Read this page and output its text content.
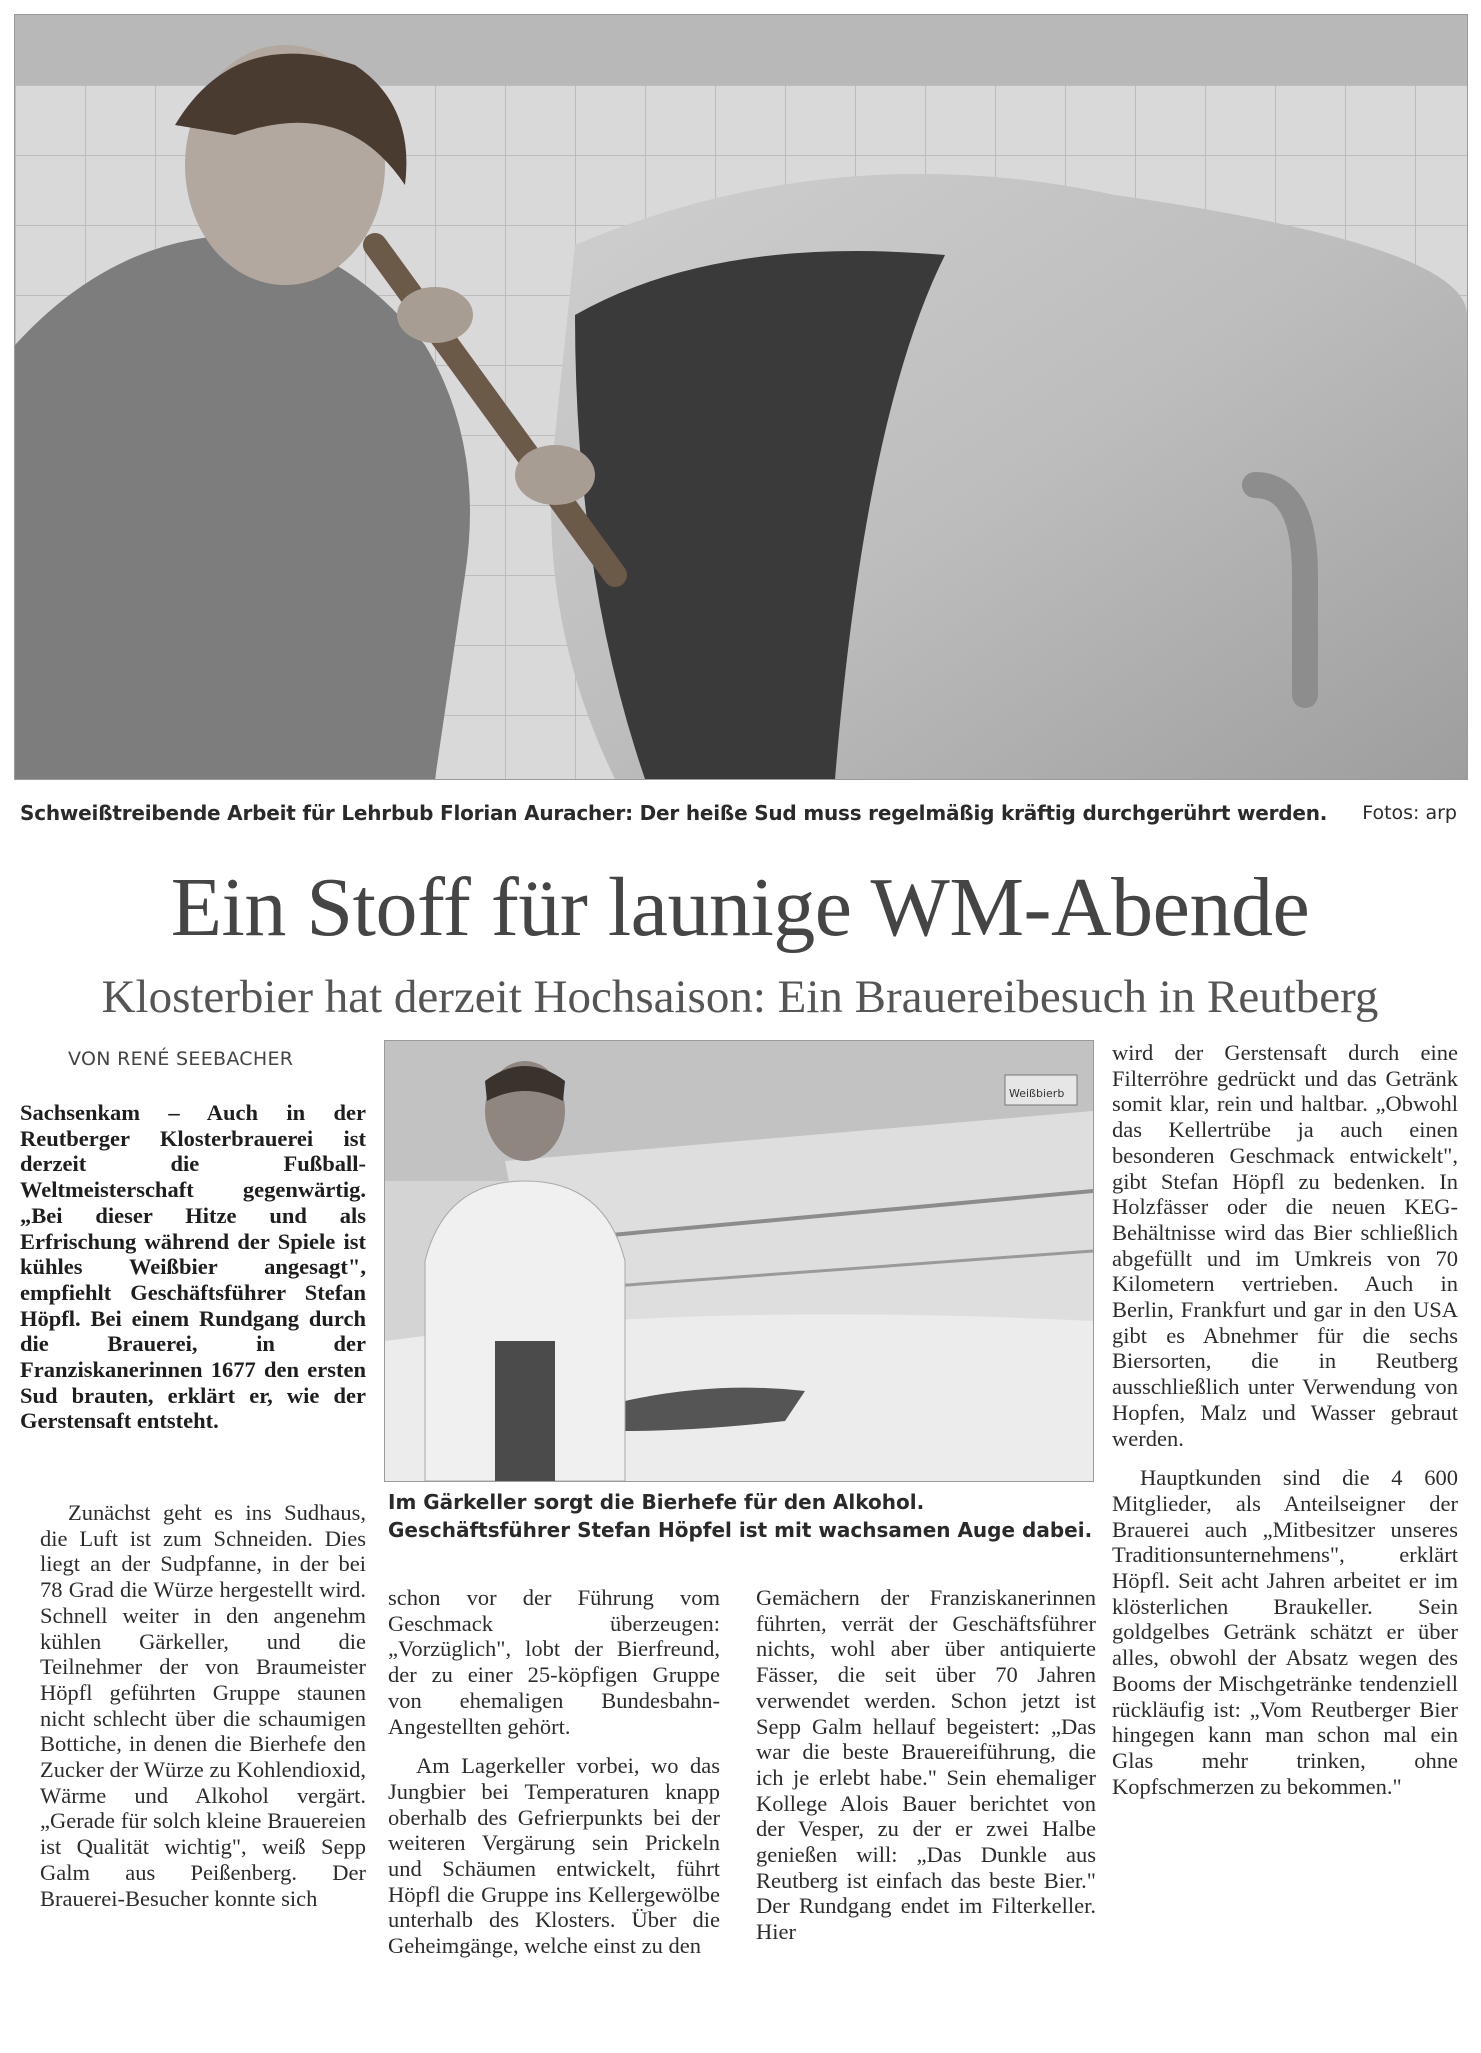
Schweißtreibende Arbeit für Lehrbub Florian Auracher: Der heiße Sud muss regelmäßig kräftig durchgerührt werden.	Fotos: arp
Ein Stoff für launige WM-Abende
Klosterbier hat derzeit Hochsaison: Ein Brauereibesuch in Reutberg
VON RENÉ SEEBACHER
Sachsenkam – Auch in der Reutberger Klosterbrauerei ist derzeit die Fußball-Weltmeisterschaft gegenwärtig. „Bei dieser Hitze und als Erfrischung während der Spiele ist kühles Weißbier angesagt", empfiehlt Geschäftsführer Stefan Höpfl. Bei einem Rundgang durch die Brauerei, in der Franziskanerinnen 1677 den ersten Sud brauten, erklärt er, wie der Gerstensaft entsteht.
Zunächst geht es ins Sudhaus, die Luft ist zum Schneiden. Dies liegt an der Sudpfanne, in der bei 78 Grad die Würze hergestellt wird. Schnell weiter in den angenehm kühlen Gärkeller, und die Teilnehmer der von Braumeister Höpfl geführten Gruppe staunen nicht schlecht über die schaumigen Bottiche, in denen die Bierhefe den Zucker der Würze zu Kohlendioxid, Wärme und Alkohol vergärt. „Gerade für solch kleine Brauereien ist Qualität wichtig", weiß Sepp Galm aus Peißenberg. Der Brauerei-Besucher konnte sich
Weißbierb
Im Gärkeller sorgt die Bierhefe für den Alkohol. Geschäftsführer Stefan Höpfel ist mit wachsamen Auge dabei.

schon vor der Führung vom Geschmack überzeugen: „Vorzüglich", lobt der Bierfreund, der zu einer 25-köpfigen Gruppe von ehemaligen Bundesbahn-Angestellten gehört.

Am Lagerkeller vorbei, wo das Jungbier bei Temperaturen knapp oberhalb des Gefrierpunkts bei der weiteren Vergärung sein Prickeln und Schäumen entwickelt, führt Höpfl die Gruppe ins Kellergewölbe unterhalb des Klosters. Über die Geheimgänge, welche einst zu den

Gemächern der Franziskanerinnen führten, verrät der Geschäftsführer nichts, wohl aber über antiquierte Fässer, die seit über 70 Jahren verwendet werden. Schon jetzt ist Sepp Galm hellauf begeistert: „Das war die beste Brauereiführung, die ich je erlebt habe." Sein ehemaliger Kollege Alois Bauer berichtet von der Vesper, zu der er zwei Halbe genießen will: „Das Dunkle aus Reutberg ist einfach das beste Bier." Der Rundgang endet im Filterkeller. Hier

wird der Gerstensaft durch eine Filterröhre gedrückt und das Getränk somit klar, rein und haltbar. „Obwohl das Kellertrübe ja auch einen besonderen Geschmack entwickelt", gibt Stefan Höpfl zu bedenken. In Holzfässer oder die neuen KEG-Behältnisse wird das Bier schließlich abgefüllt und im Umkreis von 70 Kilometern vertrieben. Auch in Berlin, Frankfurt und gar in den USA gibt es Abnehmer für die sechs Biersorten, die in Reutberg ausschließlich unter Verwendung von Hopfen, Malz und Wasser gebraut werden.

Hauptkunden sind die 4 600 Mitglieder, als Anteilseigner der Brauerei auch „Mitbesitzer unseres Traditionsunternehmens", erklärt Höpfl. Seit acht Jahren arbeitet er im klösterlichen Braukeller. Sein goldgelbes Getränk schätzt er über alles, obwohl der Absatz wegen des Booms der Mischgetränke tendenziell rückläufig ist: „Vom Reutberger Bier hingegen kann man schon mal ein Glas mehr trinken, ohne Kopfschmerzen zu bekommen."
